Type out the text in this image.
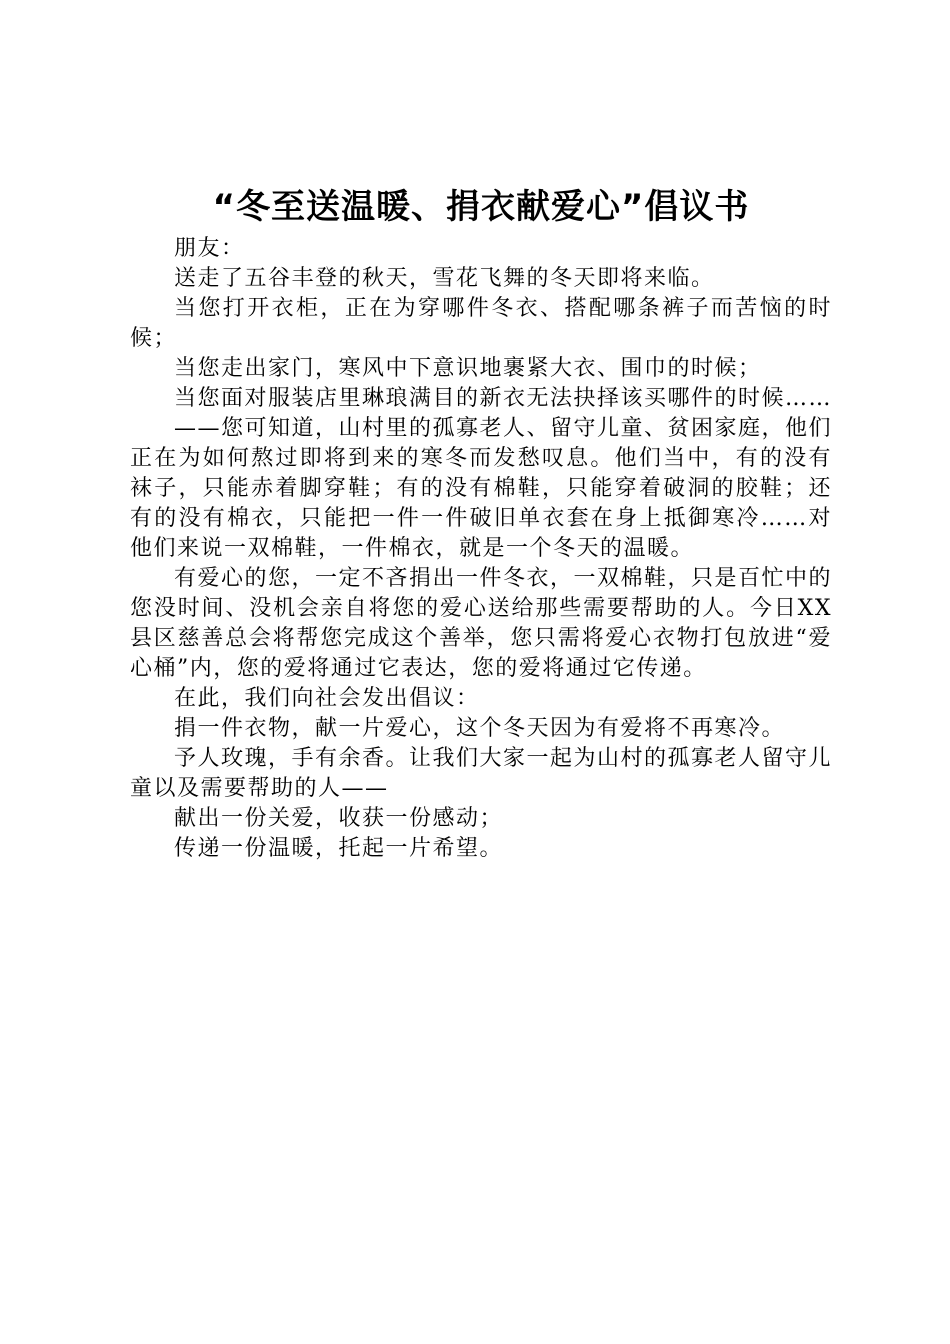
“冬至送温暖、捐衣献爱心”倡议书

朋友：

送走了五谷丰登的秋天，雪花飞舞的冬天即将来临。

当您打开衣柜，正在为穿哪件冬衣、搭配哪条裤子而苦恼的时候；

当您走出家门，寒风中下意识地裹紧大衣、围巾的时候；

当您面对服装店里琳琅满目的新衣无法抉择该买哪件的时候……

——您可知道，山村里的孤寡老人、留守儿童、贫困家庭，他们正在为如何熬过即将到来的寒冬而发愁叹息。他们当中，有的没有袜子，只能赤着脚穿鞋；有的没有棉鞋，只能穿着破洞的胶鞋；还有的没有棉衣，只能把一件一件破旧单衣套在身上抵御寒冷……对他们来说一双棉鞋，一件棉衣，就是一个冬天的温暖。

有爱心的您，一定不吝捐出一件冬衣，一双棉鞋，只是百忙中的您没时间、没机会亲自将您的爱心送给那些需要帮助的人。今日XX县区慈善总会将帮您完成这个善举，您只需将爱心衣物打包放进“爱心桶”内，您的爱将通过它表达，您的爱将通过它传递。

在此，我们向社会发出倡议：

捐一件衣物，献一片爱心，这个冬天因为有爱将不再寒冷。

予人玫瑰，手有余香。让我们大家一起为山村的孤寡老人留守儿童以及需要帮助的人——

献出一份关爱，收获一份感动；

传递一份温暖，托起一片希望。
